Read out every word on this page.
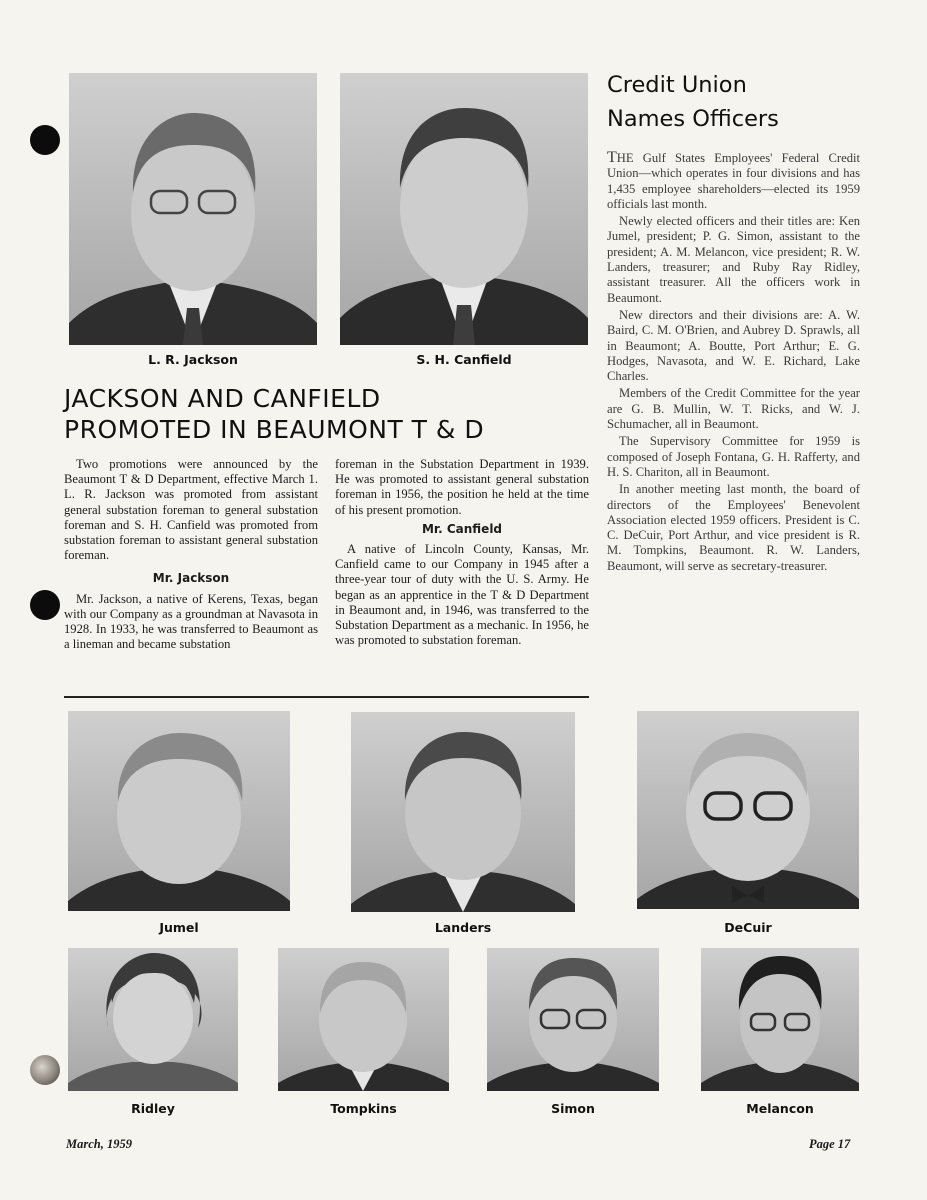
L. R. Jackson	S. H. Canfield
JACKSON AND CANFIELD
PROMOTED IN BEAUMONT T & D

Two promotions were announced by the Beaumont T & D Department, effective March 1. L. R. Jackson was promoted from assistant general substation foreman to general substation foreman and S. H. Canfield was promoted from substation foreman to assistant general substation foreman.

Mr. Jackson

Mr. Jackson, a native of Kerens, Texas, began with our Company as a groundman at Navasota in 1928. In 1933, he was transferred to Beaumont as a lineman and became substation

foreman in the Substation Department in 1939. He was promoted to assistant general substation foreman in 1956, the position he held at the time of his present promotion.

Mr. Canfield

A native of Lincoln County, Kansas, Mr. Canfield came to our Company in 1945 after a three-year tour of duty with the U. S. Army. He began as an apprentice in the T & D Department in Beaumont and, in 1946, was transferred to the Substation Department as a mechanic. In 1956, he was promoted to substation foreman.

Credit Union
Names Officers

THE Gulf States Employees' Federal Credit Union—which operates in four divisions and has 1,435 employee shareholders—elected its 1959 officials last month.

Newly elected officers and their titles are: Ken Jumel, president; P. G. Simon, assistant to the president; A. M. Melancon, vice president; R. W. Landers, treasurer; and Ruby Ray Ridley, assistant treasurer. All the officers work in Beaumont.

New directors and their divisions are: A. W. Baird, C. M. O'Brien, and Aubrey D. Sprawls, all in Beaumont; A. Boutte, Port Arthur; E. G. Hodges, Navasota, and W. E. Richard, Lake Charles.

Members of the Credit Committee for the year are G. B. Mullin, W. T. Ricks, and W. J. Schumacher, all in Beaumont.

The Supervisory Committee for 1959 is composed of Joseph Fontana, G. H. Rafferty, and H. S. Chariton, all in Beaumont.

In another meeting last month, the board of directors of the Employees' Benevolent Association elected 1959 officers. President is C. C. DeCuir, Port Arthur, and vice president is R. M. Tompkins, Beaumont. R. W. Landers, Beaumont, will serve as secretary-treasurer.

Jumel	Landers	DeCuir
Ridley	Tompkins	Simon	Melancon
March, 1959	Page 17
